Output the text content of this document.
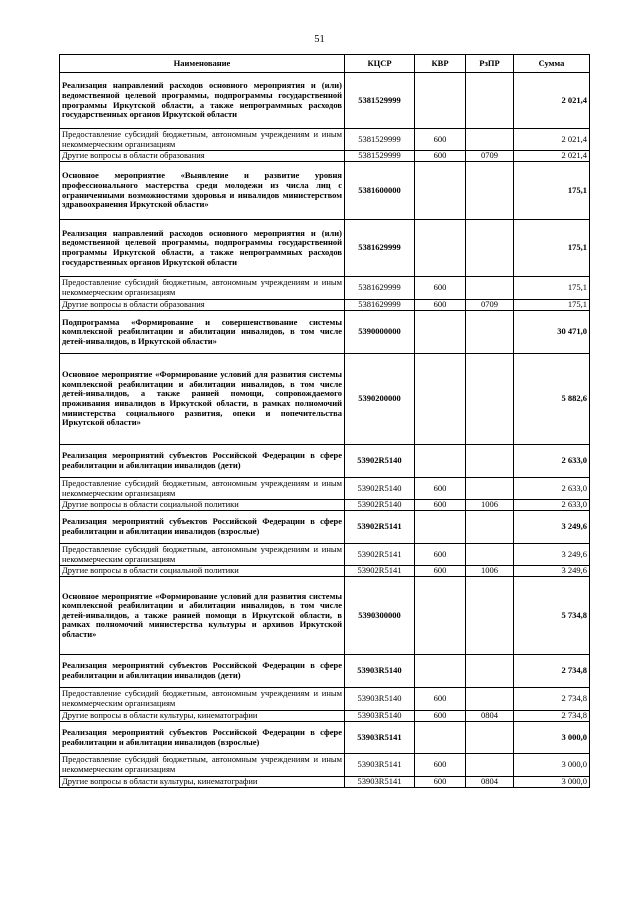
51
Наименование	КЦСР	КВР	РзПР	Сумма
Реализация направлений расходов основного мероприятия и (или) ведомственной целевой программы, подпрограммы государственной программы Иркутской области, а также непрограммных расходов государственных органов Иркутской области	5381529999			2 021,4
Предоставление субсидий бюджетным, автономным учреждениям и иным некоммерческим организациям	5381529999	600		2 021,4
Другие вопросы в области образования	5381529999	600	0709	2 021,4
Основное мероприятие «Выявление и развитие уровня профессионального мастерства среди молодежи из числа лиц с ограниченными возможностями здоровья и инвалидов министерством здравоохранения Иркутской области»	5381600000			175,1
Реализация направлений расходов основного мероприятия и (или) ведомственной целевой программы, подпрограммы государственной программы Иркутской области, а также непрограммных расходов государственных органов Иркутской области	5381629999			175,1
Предоставление субсидий бюджетным, автономным учреждениям и иным некоммерческим организациям	5381629999	600		175,1
Другие вопросы в области образования	5381629999	600	0709	175,1
Подпрограмма «Формирование и совершенствование системы комплексной реабилитации и абилитации инвалидов, в том числе детей-инвалидов, в Иркутской области»	5390000000			30 471,0
Основное мероприятие «Формирование условий для развития системы комплексной реабилитации и абилитации инвалидов, в том числе детей-инвалидов, а также ранней помощи, сопровождаемого проживания инвалидов в Иркутской области, в рамках полномочий министерства социального развития, опеки и попечительства Иркутской области»	5390200000			5 882,6
Реализация мероприятий субъектов Российской Федерации в сфере реабилитации и абилитации инвалидов (дети)	53902R5140			2 633,0
Предоставление субсидий бюджетным, автономным учреждениям и иным некоммерческим организациям	53902R5140	600		2 633,0
Другие вопросы в области социальной политики	53902R5140	600	1006	2 633,0
Реализация мероприятий субъектов Российской Федерации в сфере реабилитации и абилитации инвалидов (взрослые)	53902R5141			3 249,6
Предоставление субсидий бюджетным, автономным учреждениям и иным некоммерческим организациям	53902R5141	600		3 249,6
Другие вопросы в области социальной политики	53902R5141	600	1006	3 249,6
Основное мероприятие «Формирование условий для развития системы комплексной реабилитации и абилитации инвалидов, в том числе детей-инвалидов, а также ранней помощи в Иркутской области, в рамках полномочий министерства культуры и архивов Иркутской области»	5390300000			5 734,8
Реализация мероприятий субъектов Российской Федерации в сфере реабилитации и абилитации инвалидов (дети)	53903R5140			2 734,8
Предоставление субсидий бюджетным, автономным учреждениям и иным некоммерческим организациям	53903R5140	600		2 734,8
Другие вопросы в области культуры, кинематографии	53903R5140	600	0804	2 734,8
Реализация мероприятий субъектов Российской Федерации в сфере реабилитации и абилитации инвалидов (взрослые)	53903R5141			3 000,0
Предоставление субсидий бюджетным, автономным учреждениям и иным некоммерческим организациям	53903R5141	600		3 000,0
Другие вопросы в области культуры, кинематографии	53903R5141	600	0804	3 000,0
